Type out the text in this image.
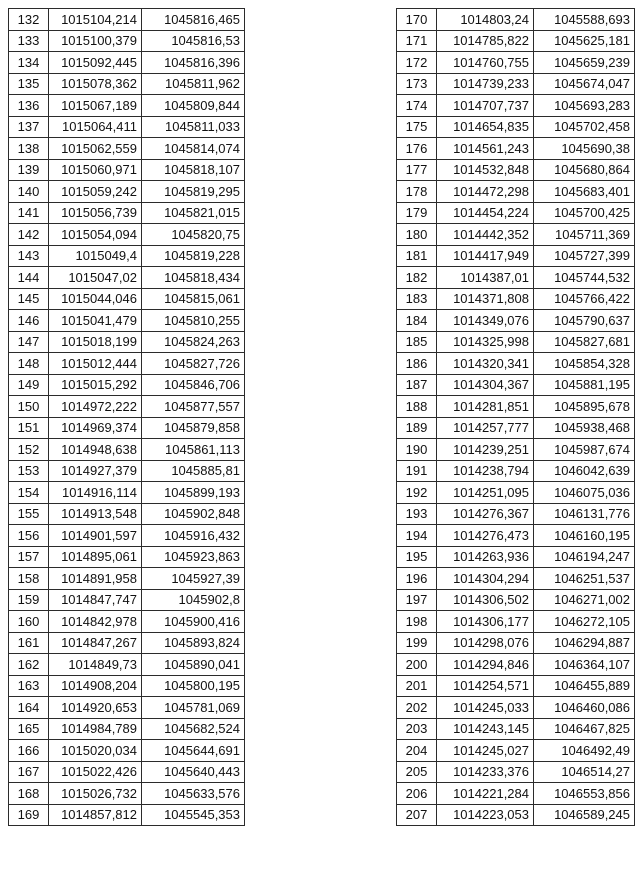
132	1015104,214	1045816,465
133	1015100,379	1045816,53
134	1015092,445	1045816,396
135	1015078,362	1045811,962
136	1015067,189	1045809,844
137	1015064,411	1045811,033
138	1015062,559	1045814,074
139	1015060,971	1045818,107
140	1015059,242	1045819,295
141	1015056,739	1045821,015
142	1015054,094	1045820,75
143	1015049,4	1045819,228
144	1015047,02	1045818,434
145	1015044,046	1045815,061
146	1015041,479	1045810,255
147	1015018,199	1045824,263
148	1015012,444	1045827,726
149	1015015,292	1045846,706
150	1014972,222	1045877,557
151	1014969,374	1045879,858
152	1014948,638	1045861,113
153	1014927,379	1045885,81
154	1014916,114	1045899,193
155	1014913,548	1045902,848
156	1014901,597	1045916,432
157	1014895,061	1045923,863
158	1014891,958	1045927,39
159	1014847,747	1045902,8
160	1014842,978	1045900,416
161	1014847,267	1045893,824
162	1014849,73	1045890,041
163	1014908,204	1045800,195
164	1014920,653	1045781,069
165	1014984,789	1045682,524
166	1015020,034	1045644,691
167	1015022,426	1045640,443
168	1015026,732	1045633,576
169	1014857,812	1045545,353
170	1014803,24	1045588,693
171	1014785,822	1045625,181
172	1014760,755	1045659,239
173	1014739,233	1045674,047
174	1014707,737	1045693,283
175	1014654,835	1045702,458
176	1014561,243	1045690,38
177	1014532,848	1045680,864
178	1014472,298	1045683,401
179	1014454,224	1045700,425
180	1014442,352	1045711,369
181	1014417,949	1045727,399
182	1014387,01	1045744,532
183	1014371,808	1045766,422
184	1014349,076	1045790,637
185	1014325,998	1045827,681
186	1014320,341	1045854,328
187	1014304,367	1045881,195
188	1014281,851	1045895,678
189	1014257,777	1045938,468
190	1014239,251	1045987,674
191	1014238,794	1046042,639
192	1014251,095	1046075,036
193	1014276,367	1046131,776
194	1014276,473	1046160,195
195	1014263,936	1046194,247
196	1014304,294	1046251,537
197	1014306,502	1046271,002
198	1014306,177	1046272,105
199	1014298,076	1046294,887
200	1014294,846	1046364,107
201	1014254,571	1046455,889
202	1014245,033	1046460,086
203	1014243,145	1046467,825
204	1014245,027	1046492,49
205	1014233,376	1046514,27
206	1014221,284	1046553,856
207	1014223,053	1046589,245
